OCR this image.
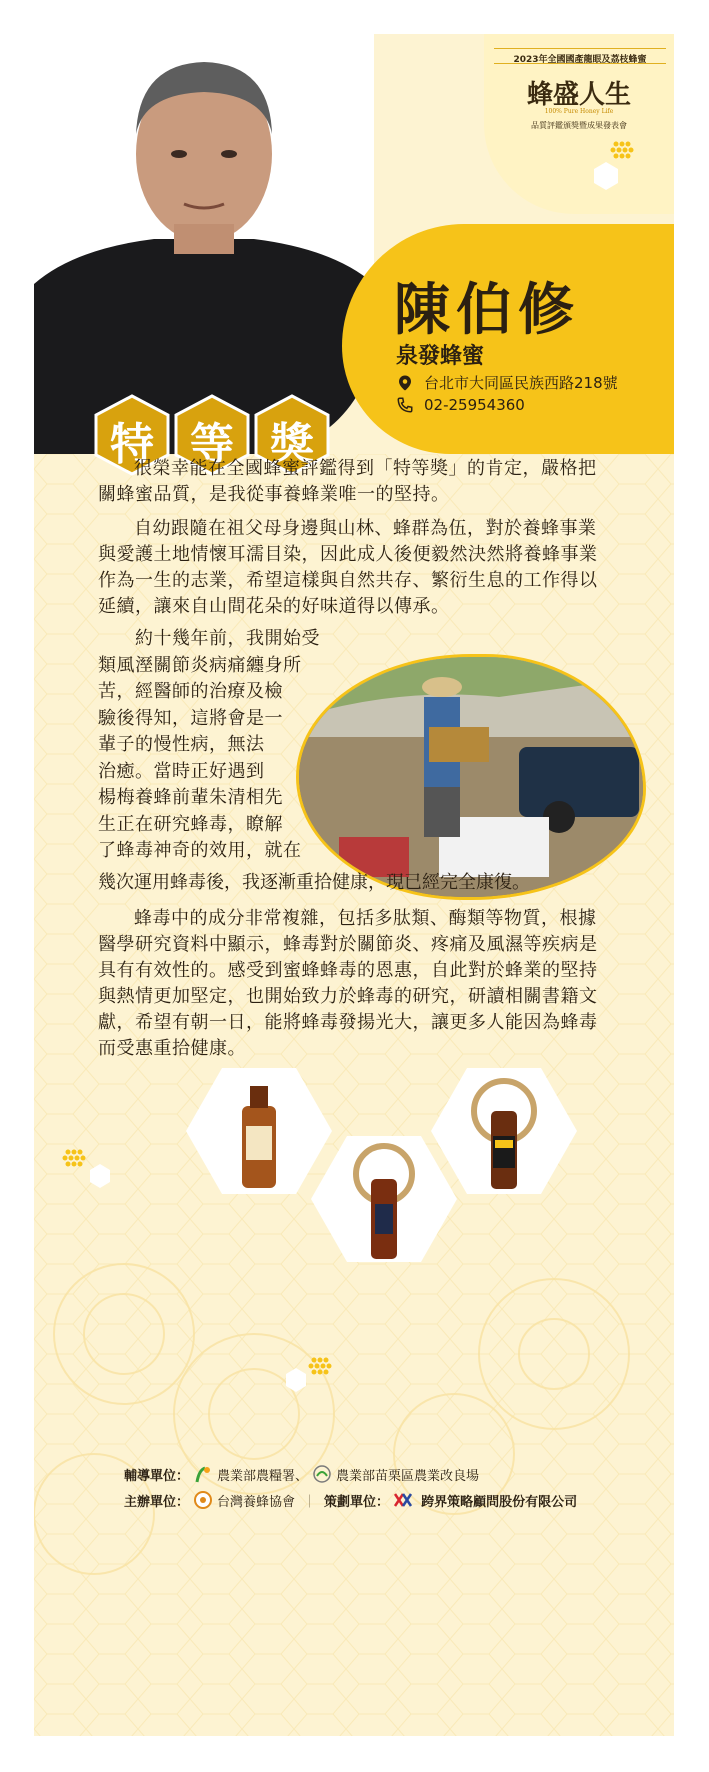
2023年全國國產龍眼及荔枝蜂蜜
蜂盛人生
100% Pure Honey Life
品質評鑑頒獎暨成果發表會
陳伯修
泉發蜂蜜
台北市大同區民族西路218號
02-25954360
特 等 獎
很榮幸能在全國蜂蜜評鑑得到「特等獎」的肯定，嚴格把關蜂蜜品質，是我從事養蜂業唯一的堅持。
自幼跟隨在祖父母身邊與山林、蜂群為伍，對於養蜂事業與愛護土地情懷耳濡目染，因此成人後便毅然決然將養蜂事業作為一生的志業，希望這樣與自然共存、繁衍生息的工作得以延續，讓來自山間花朵的好味道得以傳承。
　　約十幾年前，我開始受
類風溼關節炎病痛纏身所
苦，經醫師的治療及檢
驗後得知，這將會是一
輩子的慢性病，無法
治癒。當時正好遇到
楊梅養蜂前輩朱清相先
生正在研究蜂毒，瞭解
了蜂毒神奇的效用，就在
幾次運用蜂毒後，我逐漸重拾健康，現已經完全康復。
蜂毒中的成分非常複雜，包括多肽類、酶類等物質，根據醫學研究資料中顯示，蜂毒對於關節炎、疼痛及風濕等疾病是具有有效性的。感受到蜜蜂蜂毒的恩惠，自此對於蜂業的堅持與熱情更加堅定，也開始致力於蜂毒的研究，研讀相關書籍文獻，希望有朝一日，能將蜂毒發揚光大，讓更多人能因為蜂毒而受惠重拾健康。
輔導單位： 農業部農糧署 、 農業部苗栗區農業改良場
主辦單位： 台灣養蜂協會 ｜ 策劃單位： 跨界策略顧問股份有限公司
